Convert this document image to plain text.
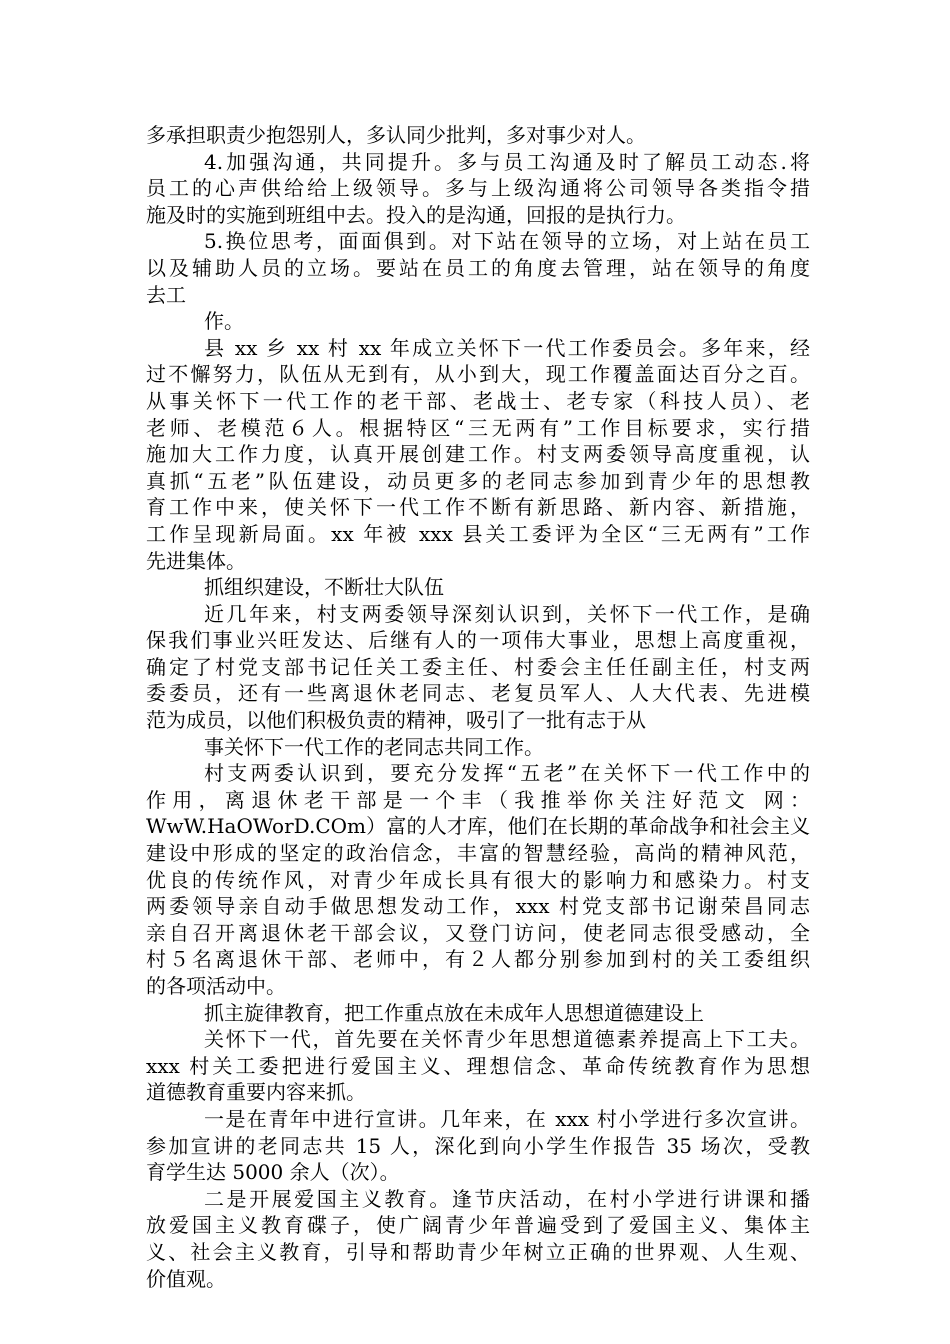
多承担职责少抱怨别人，多认同少批判，多对事少对人。
4.加强沟通，共同提升。多与员工沟通及时了解员工动态.将
员工的心声供给给上级领导。多与上级沟通将公司领导各类指令措
施及时的实施到班组中去。投入的是沟通，回报的是执行力。
5.换位思考，面面俱到。对下站在领导的立场，对上站在员工
以及辅助人员的立场。要站在员工的角度去管理，站在领导的角度
去工
作。
县 xx 乡 xx 村 xx 年成立关怀下一代工作委员会。多年来，经
过不懈努力，队伍从无到有，从小到大，现工作覆盖面达百分之百。
从事关怀下一代工作的老干部、老战士、老专家（科技人员）、老
老师、老模范６人。根据特区“三无两有”工作目标要求，实行措
施加大工作力度，认真开展创建工作。村支两委领导高度重视，认
真抓“五老”队伍建设，动员更多的老同志参加到青少年的思想教
育工作中来，使关怀下一代工作不断有新思路、新内容、新措施，
工作呈现新局面。xx 年被 xxx 县关工委评为全区“三无两有”工作
先进集体。
抓组织建设，不断壮大队伍
近几年来，村支两委领导深刻认识到，关怀下一代工作，是确
保我们事业兴旺发达、后继有人的一项伟大事业，思想上高度重视，
确定了村党支部书记任关工委主任、村委会主任任副主任，村支两
委委员，还有一些离退休老同志、老复员军人、人大代表、先进模
范为成员，以他们积极负责的精神，吸引了一批有志于从
事关怀下一代工作的老同志共同工作。
村支两委认识到，要充分发挥“五老”在关怀下一代工作中的
作用，离退休老干部是一个丰（我推举你关注好范文 网：
WwW.HaOWorD.COm）富的人才库，他们在长期的革命战争和社会主义
建设中形成的坚定的政治信念，丰富的智慧经验，高尚的精神风范，
优良的传统作风，对青少年成长具有很大的影响力和感染力。村支
两委领导亲自动手做思想发动工作，xxx 村党支部书记谢荣昌同志
亲自召开离退休老干部会议，又登门访问，使老同志很受感动，全
村５名离退休干部、老师中，有２人都分别参加到村的关工委组织
的各项活动中。
抓主旋律教育，把工作重点放在未成年人思想道德建设上
关怀下一代，首先要在关怀青少年思想道德素养提高上下工夫。
xxx 村关工委把进行爱国主义、理想信念、革命传统教育作为思想
道德教育重要内容来抓。
一是在青年中进行宣讲。几年来，在 xxx 村小学进行多次宣讲。
参加宣讲的老同志共 15 人，深化到向小学生作报告 35 场次，受教
育学生达 5000 余人（次）。
二是开展爱国主义教育。逢节庆活动，在村小学进行讲课和播
放爱国主义教育碟子，使广阔青少年普遍受到了爱国主义、集体主
义、社会主义教育，引导和帮助青少年树立正确的世界观、人生观、
价值观。
